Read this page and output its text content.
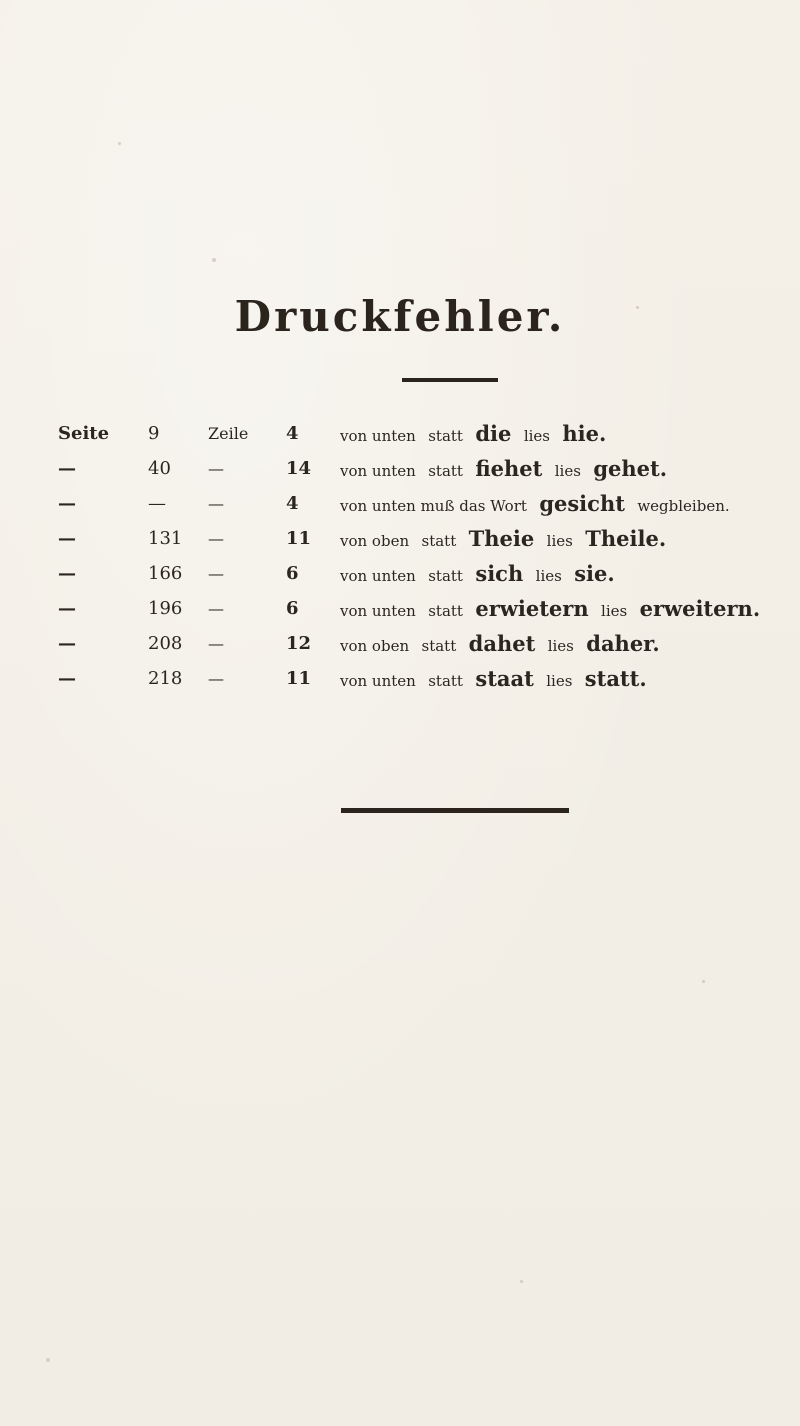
Druckfehler.
Seite 9	Zeile 4	von unten statt die lies hie.
—	40 —	14 von unten statt fiehet lies gehet.
—	—	—	4	von unten muß das Wort gesicht wegbleiben.
—	131 —	11 von oben statt Theie lies Theile.
—	166 —	6	von unten statt sich lies sie.
—	196 —	6	von unten statt erwietern lies erweitern.
—	208 —	12 von oben statt dahet lies daher.
—	218 —	11 von unten statt staat lies statt.
